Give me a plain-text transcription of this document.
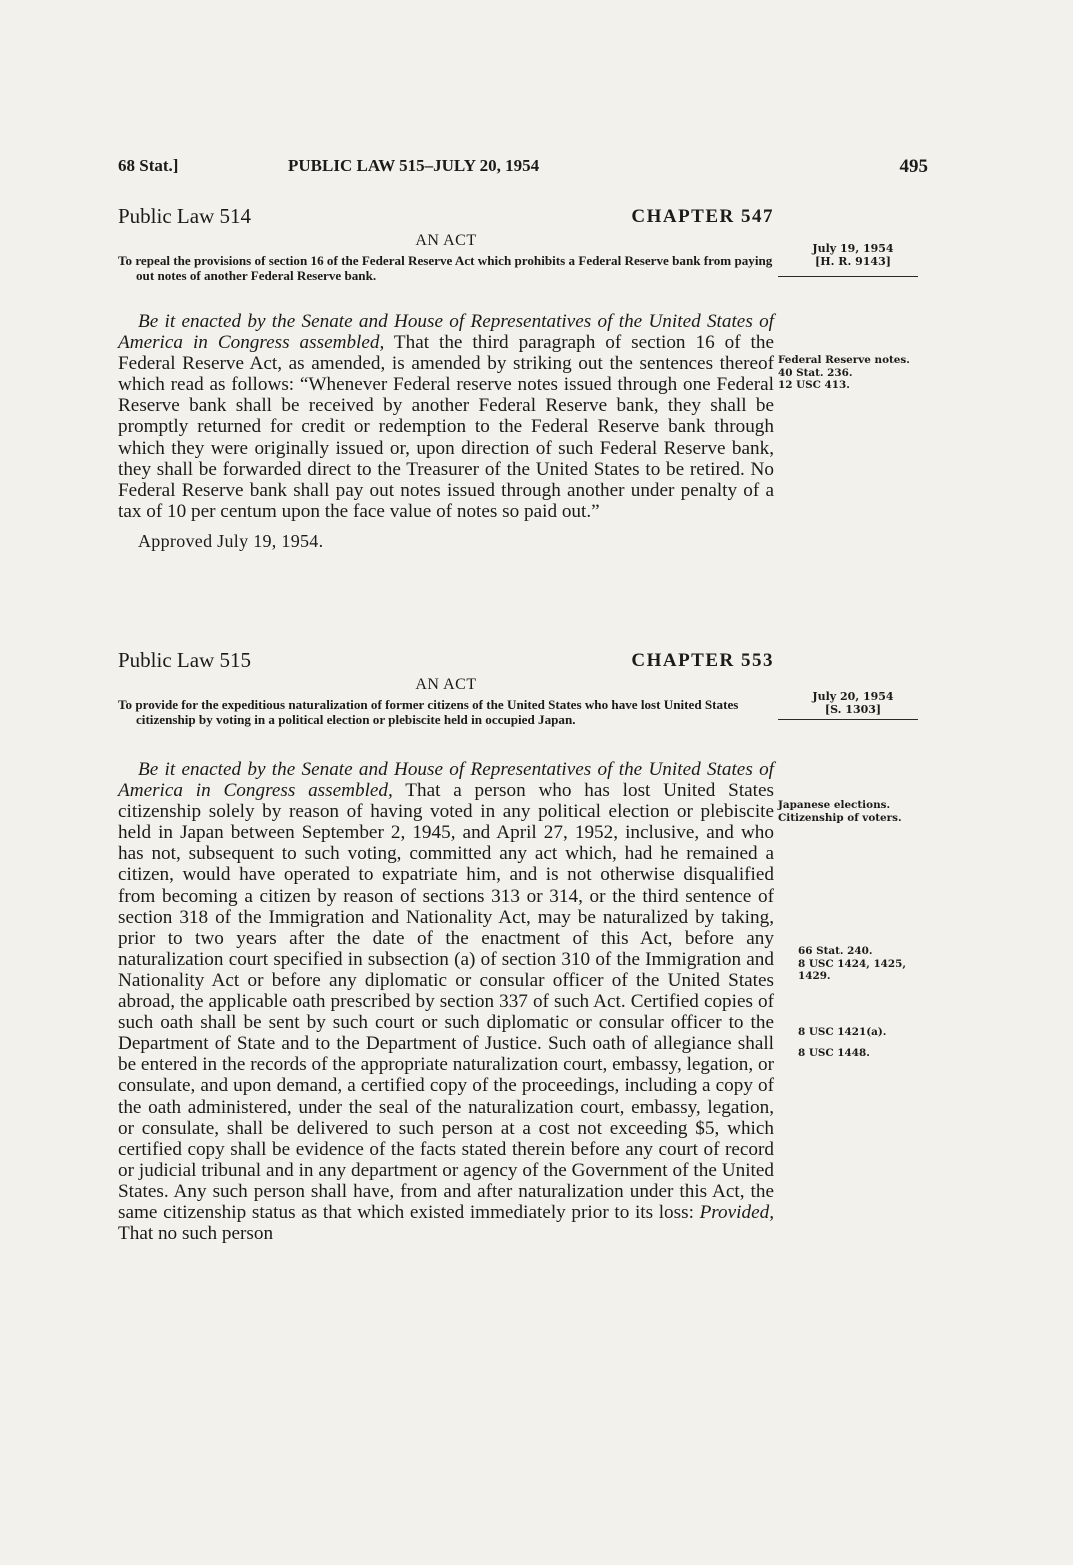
68 Stat.]	PUBLIC LAW 515–JULY 20, 1954	495
Public Law 514	CHAPTER 547
AN ACT

To repeal the provisions of section 16 of the Federal Reserve Act which prohibits a Federal Reserve bank from paying out notes of another Federal Reserve bank.

Be it enacted by the Senate and House of Representatives of the United States of America in Congress assembled, That the third paragraph of section 16 of the Federal Reserve Act, as amended, is amended by striking out the sentences thereof which read as follows: “Whenever Federal reserve notes issued through one Federal Reserve bank shall be received by another Federal Reserve bank, they shall be promptly returned for credit or redemption to the Federal Reserve bank through which they were originally issued or, upon direction of such Federal Reserve bank, they shall be forwarded direct to the Treasurer of the United States to be retired. No Federal Reserve bank shall pay out notes issued through another under penalty of a tax of 10 per centum upon the face value of notes so paid out.”

Approved July 19, 1954.
Public Law 515	CHAPTER 553
AN ACT

To provide for the expeditious naturalization of former citizens of the United States who have lost United States citizenship by voting in a political election or plebiscite held in occupied Japan.

Be it enacted by the Senate and House of Representatives of the United States of America in Congress assembled, That a person who has lost United States citizenship solely by reason of having voted in any political election or plebiscite held in Japan between September 2, 1945, and April 27, 1952, inclusive, and who has not, subsequent to such voting, committed any act which, had he remained a citizen, would have operated to expatriate him, and is not otherwise disqualified from becoming a citizen by reason of sections 313 or 314, or the third sentence of section 318 of the Immigration and Nationality Act, may be naturalized by taking, prior to two years after the date of the enactment of this Act, before any naturalization court specified in subsection (a) of section 310 of the Immigration and Nationality Act or before any diplomatic or consular officer of the United States abroad, the applicable oath prescribed by section 337 of such Act. Certified copies of such oath shall be sent by such court or such diplomatic or consular officer to the Department of State and to the Department of Justice. Such oath of allegiance shall be entered in the records of the appropriate naturalization court, embassy, legation, or consulate, and upon demand, a certified copy of the proceedings, including a copy of the oath administered, under the seal of the naturalization court, embassy, legation, or consulate, shall be delivered to such person at a cost not exceeding $5, which certified copy shall be evidence of the facts stated therein before any court of record or judicial tribunal and in any department or agency of the Government of the United States. Any such person shall have, from and after naturalization under this Act, the same citizenship status as that which existed immediately prior to its loss: Provided, That no such person

July 19, 1954
[H. R. 9143]
Federal Reserve notes.
40 Stat. 236.
12 USC 413.
July 20, 1954
[S. 1303]
Japanese elections.
Citizenship of voters.
66 Stat. 240.
8 USC 1424, 1425, 1429.
8 USC 1421(a).
8 USC 1448.
